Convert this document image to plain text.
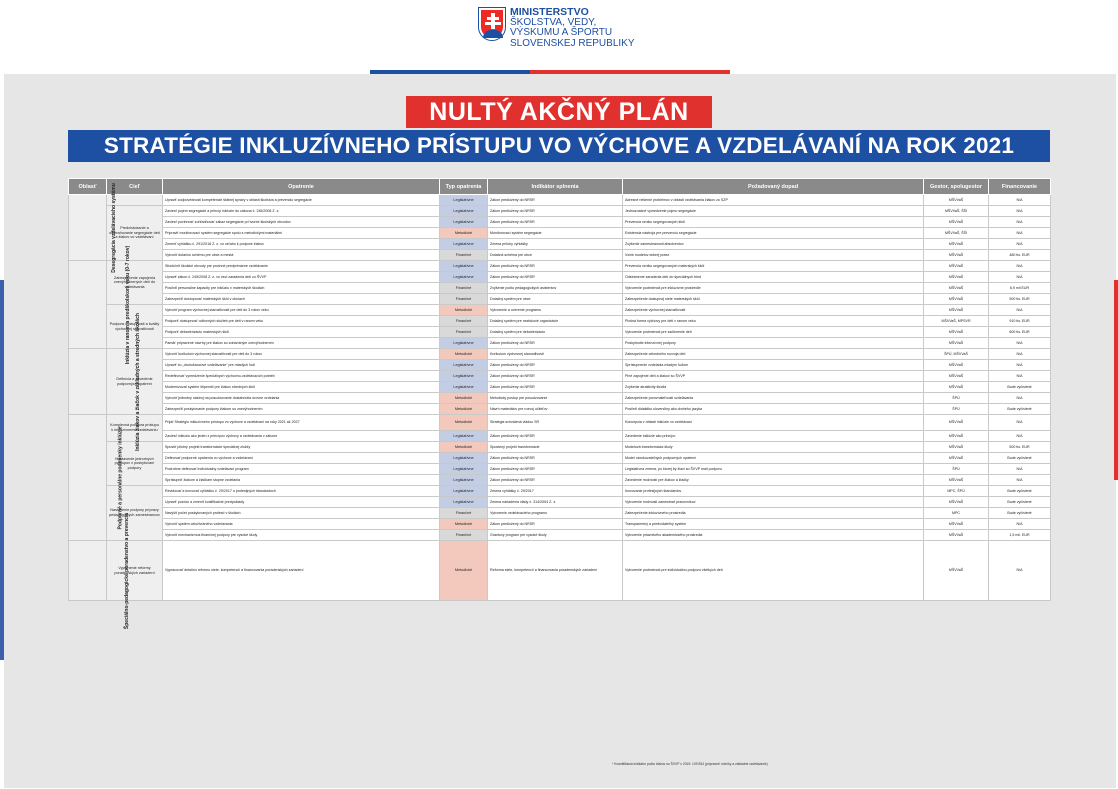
MINISTERSTVO
ŠKOLSTVA, VEDY,
VÝSKUMU A ŠPORTU
SLOVENSKEJ REPUBLIKY
NULTÝ AKČNÝ PLÁN
STRATÉGIE INKLUZÍVNEHO PRÍSTUPU VO VÝCHOVE A VZDELÁVANÍ NA ROK 2021
Oblasť	Cieľ	Opatrenie	Typ opatrenia	Indikátor splnenia	Požadovaný dopad	Gestor, spolugestor	Financovanie
Desegregácia vzdelávacieho systému		Upraviť zodpovednosti kompetencie štátnej správy v oblasti školstva a prevenciu segregácie	Legislatívne	Zákon predložený do NRSR	Adresné riešenie problémov v oblasti vzdelávania žiakov zo SZP	MŠVVaŠ	N/A
	Predchádzanie a odstraňovanie segregácie detí a žiakov vo vzdelávaní	Zaviesť pojem segregácie a princíp inklúzie do zákona č. 245/2008 Z. z.	Legislatívne	Zákon predložený do NRSR	Jednoznačné vymedzenie pojmu segregácie	MŠVVaŠ, ŠŠI	N/A
		Zaviesť povinnosť zohľadňovať zákaz segregácie pri tvorbe školských obvodov	Legislatívne	Zákon predložený do NRSR	Prevencia vzniku segregovaných škôl	MŠVVaŠ	N/A
		Pripraviť monitorovací systém segregácie spolu s metodickými materiálmi	Metodické	Monitorovací systém segregácie	Existencia nástroja pre prevenciu segregácie	MŠVVaŠ, ŠŠI	N/A
		Zmeniť vyhlášku č. 291/2018 Z. z. vo vzťahu k podpore žiakov	Legislatívne	Zmena prílohy vyhlášky	Zvýšenie zamestnanosti absolventov	MŠVVaŠ	N/A
		Vytvoriť dotačnú schému pre obce a mestá	Finančné	Dotačná schéma pre obce	Vznik modelov dobrej praxe	MŠVVaŠ	480 tis. EUR
Inklúzia v ranom a predškolskom veku (0-7 rokov)	Zabezpečenie zapojenia znevýhodnených detí do vzdelávania	Sfunkčniť školské obvody pre povinné predprimárne vzdelávanie	Legislatívne	Zákon predložený do NRSR	Prevencia vzniku segregovaných materských škôl	MŠVVaŠ	N/A
		Upraviť zákon č. 245/2008 Z. z. vo veci zaradenia detí zo ŠVVP	Legislatívne	Zákon predložený do NRSR	Odstránenie zaradenia detí do špeciálnych tried	MŠVVaŠ	N/A
		Posilniť personálne kapacity pre inklúziu v materských školách	Finančné	Zvýšenie počtu pedagogických asistentov	Vytvorenie podmienok pre inkluzívne prostredie	MŠVVaŠ	6,9 mil EUR
		Zabezpečiť dostupnosť materských škôl v obciach	Finančné	Dotačný systém pre obce	Zabezpečenie dostupnej siete materských škôl	MŠVVaŠ	500 tis. EUR
	Podpora dostupnosti a kvality výchovnej starostlivosti	Vytvoriť program výchovnej starostlivosti pre deti do 3 rokov veku	Metodické	Vytvorenie a overenie programu	Zabezpečenie výchovnej starostlivosti	MŠVVaŠ	N/A
		Podporiť dostupnosť odborných služieb pre deti v ranom veku	Finančné	Dotačný systém pre neziskové organizácie	Plošná forma výchovy pre deti v ranom veku	MŠVVaŠ, MPSVR	910 tis. EUR
		Podporiť debarierizáciu materských škôl	Finančné	Dotačný systém pre debarierizáciu	Vytvorenie podmienok pre začlenenie detí	MŠVVaŠ	600 tis. EUR
		Pamäť pripravené návrhy pre žiakov so zdravotným znevýhodnením	Legislatívne	Zákon predložený do NRSR	Poskytnutie intenzívnej podpory	MŠVVaŠ	N/A
Inklúzia žiakov a žiačok v základných a stredných školách	Definícia a zavedenie podporných opatrení	Vytvoriť kurikulum výchovnej starostlivosti pre deti do 3 rokov	Metodické	Kurikulum výchovnej starostlivosti	Zabezpečenie celostného rozvoja detí	ŠPÚ, MŠVVaŠ	N/A
		Upraviť čo „druhošancové vzdelávanie“ pre mladých ľudí	Legislatívne	Zákon predložený do NRSR	Sprístupnenie vzdelania mladým ľuďom	MŠVVaŠ	N/A
		Redefinovať vymedzenie špeciálnych výchovno-vzdelávacích potrieb	Legislatívne	Zákon predložený do NRSR	Plné zapojenie detí a žiakov so ŠVVP	MŠVVaŠ	N/A
		Modernizovať systém štipendií pre žiakov stredných škôl	Legislatívne	Zákon predložený do NRSR	Zvýšenie atraktivity štúdia	MŠVVaŠ	Bude vyčíslené
		Vytvoriť jednotný nástroj na posudzovanie dosiahnutia úrovne vzdelania	Metodické	Metodický postup pre posudzovanie	Zabezpečenie porovnateľnosti vzdelávania	ŠPÚ	N/A
		Zabezpečiť poskytovanie podpory žiakom so znevýhodnením	Metodické	Návrh materiálov pre rozvoj učiteľov	Posilniť didaktiku slovenčiny ako druhého jazyka	ŠPÚ	Bude vyčíslené
Podporné a personálne podmienky inklúzie	Komplexná podpora prístupu k inkluzívnemu vzdelávaniu	Prijať Stratégiu inkluzívneho prístupu vo výchove a vzdelávaní na roky 2021 až 2027	Metodické	Stratégia schválená vládou SR	Koncepcia v oblasti inklúzie vo vzdelávaní	MŠVVaŠ	N/A
		Zaviesť inklúziu ako jeden z princípov výchovy a vzdelávania v zákone	Legislatívne	Zákon predložený do NRSR	Zavedenie inklúzie ako princípu	MŠVVaŠ	N/A
	Nastavenie jednotných postupov v poskytovaní podpory	Spustiť pilotný projekt transformácie špeciálnej zložky	Metodické	Spustený projekt transformácie	Modelová transformácia školy	MŠVVaŠ	500 tis. EUR
		Definovať podporné opatrenia vo výchove a vzdelávaní	Legislatívne	Zákon predložený do NRSR	Model nárokovateľných podporných opatrení	MŠVVaŠ	Bude vyčíslené
		Podrobne definovať individuálny vzdelávací program	Legislatívne	Zákon predložený do NRSR	Legislatívna zmena, po ktorej by žiaci so ŠVVP mali podporu	ŠPÚ	N/A
		Sprístupniť žiakom a žiačkam stupne vzdelania	Legislatívne	Zákon predložený do NRSR	Zavedenie možností pre žiakov a žiačky	MŠVVaŠ	N/A
	Nastavenie podpory prípravy pedagogických zamestnancov	Revidovať a inovovať vyhlášku č. 29/2017 o profesijných štandardoch	Legislatívne	Zmena vyhlášky č. 29/2017	Inovovanie profesijných štandardov	MPC, ŠPÚ	Bude vyčíslené
		Upraviť pozíciu a zmeniť kvalifikačné predpoklady	Legislatívne	Zmena nariadenia vlády č. 314/2004 Z. z.	Vytvorenie možnosti zamestnať pracovníkov	MŠVVaŠ	Bude vyčíslené
		Navýšiť počet poskytovaných profesií v školách	Finančné	Vytvorenie vzdelávacieho programu	Zabezpečenie inkluzívneho prostredia	MPC	Bude vyčíslené
		Vytvoriť systém celoživotného vzdelávania	Metodické	Zákon predložený do NRSR	Transparentný a predvídateľný systém	MŠVVaŠ	N/A
		Vytvoriť mechanizmus finančnej podpory pre vysoké školy	Finančné	Grantový program pre vysoké školy	Vytvorenie priaznivého akademického prostredia	MŠVVaŠ	1,5 mil. EUR
Špeciálno-pedagogické poradenstvo a prevencia	Vyjasnenie reformy poradenských zariadení	Vypracovať detailnú reformu siete, kompetencií a financovania poradenských zariadení	Metodické	Reforma siete, kompetencií a financovania poradenských zariadení	Vytvorenie podmienok pre individuálnu podporu všetkých detí	MŠVVaŠ	N/A
* Kvantifikácia indikátor počtu žiakov so ŠVVP v 2019: 109 834 (prípravné ročníky a základné vzdelávanie)
